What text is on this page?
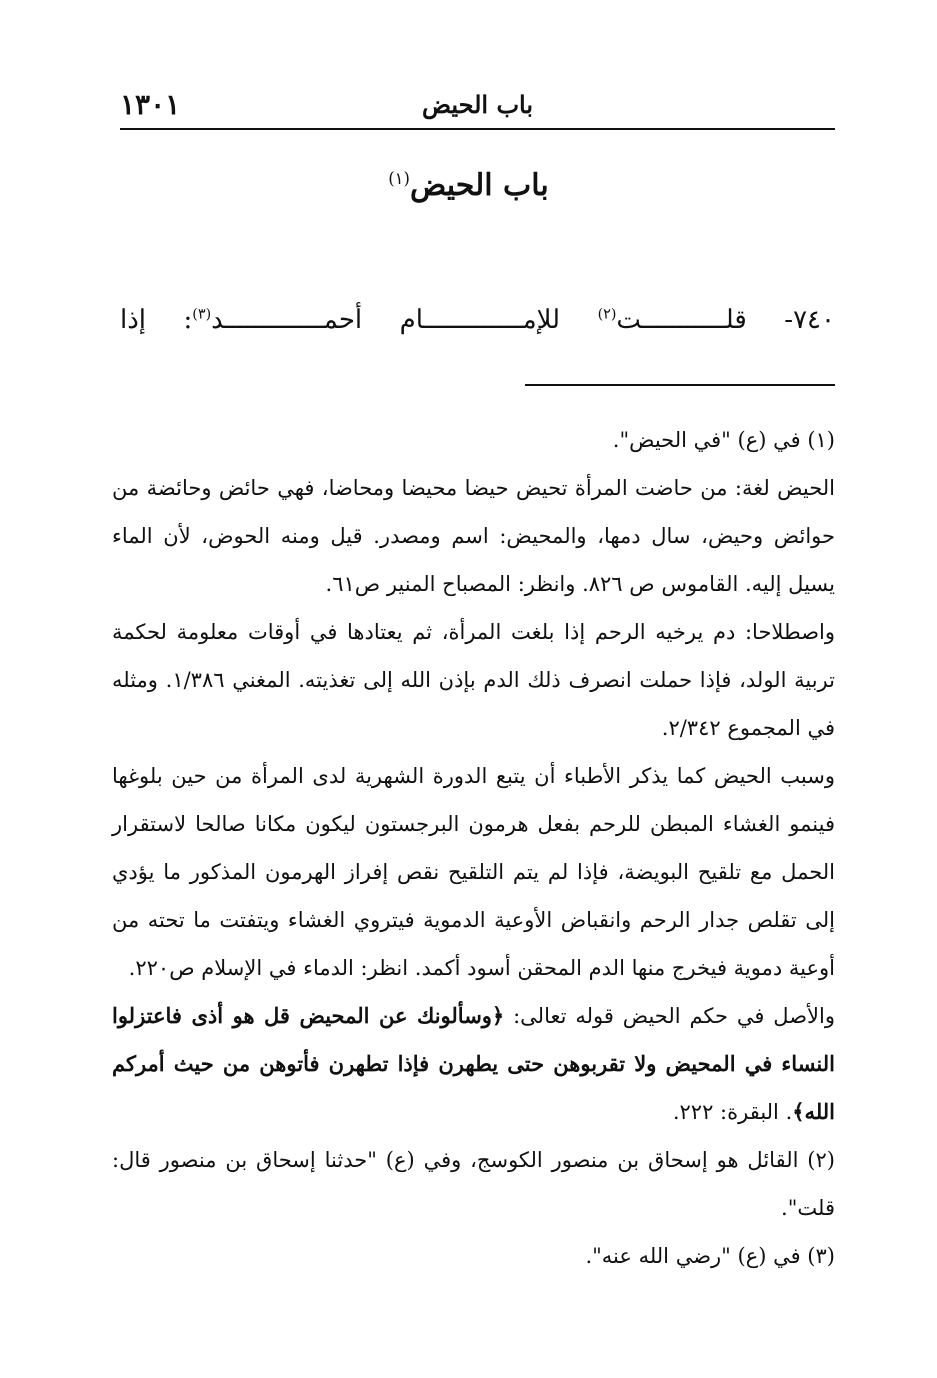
باب الحيض
١٣٠١
باب الحيض$^{(١)}$
٧٤٠- قلـــــــــــت$^{(٢)}$ للإمـــــــــــــام أحمـــــــــــــد$^{(٣)}$: إذا

(١) في (ع) "في الحيض".

الحيض لغة: من حاضت المرأة تحيض حيضا محيضا ومحاضا، فهي حائض وحائضة من حوائض وحيض، سال دمها، والمحيض: اسم ومصدر. قيل ومنه الحوض، لأن الماء يسيل إليه. القاموس ص ٨٢٦. وانظر: المصباح المنير ص٦١.

واصطلاحا: دم يرخيه الرحم إذا بلغت المرأة، ثم يعتادها في أوقات معلومة لحكمة تربية الولد، فإذا حملت انصرف ذلك الدم بإذن الله إلى تغذيته. المغني ١/٣٨٦. ومثله في المجموع ٢/٣٤٢.

وسبب الحيض كما يذكر الأطباء أن يتبع الدورة الشهرية لدى المرأة من حين بلوغها فينمو الغشاء المبطن للرحم بفعل هرمون البرجستون ليكون مكانا صالحا لاستقرار الحمل مع تلقيح البويضة، فإذا لم يتم التلقيح نقص إفراز الهرمون المذكور ما يؤدي إلى تقلص جدار الرحم وانقباض الأوعية الدموية فيتروي الغشاء ويتفتت ما تحته من أوعية دموية فيخرج منها الدم المحقن أسود أكمد. انظر: الدماء في الإسلام ص٢٢٠.

والأصل في حكم الحيض قوله تعالى: ﴿وسألونك عن المحيض قل هو أذى فاعتزلوا النساء في المحيض ولا تقربوهن حتى يطهرن فإذا تطهرن فأتوهن من حيث أمركم الله﴾. البقرة: ٢٢٢.

(٢) القائل هو إسحاق بن منصور الكوسج، وفي (ع) "حدثنا إسحاق بن منصور قال: قلت".

(٣) في (ع) "رضي الله عنه".
